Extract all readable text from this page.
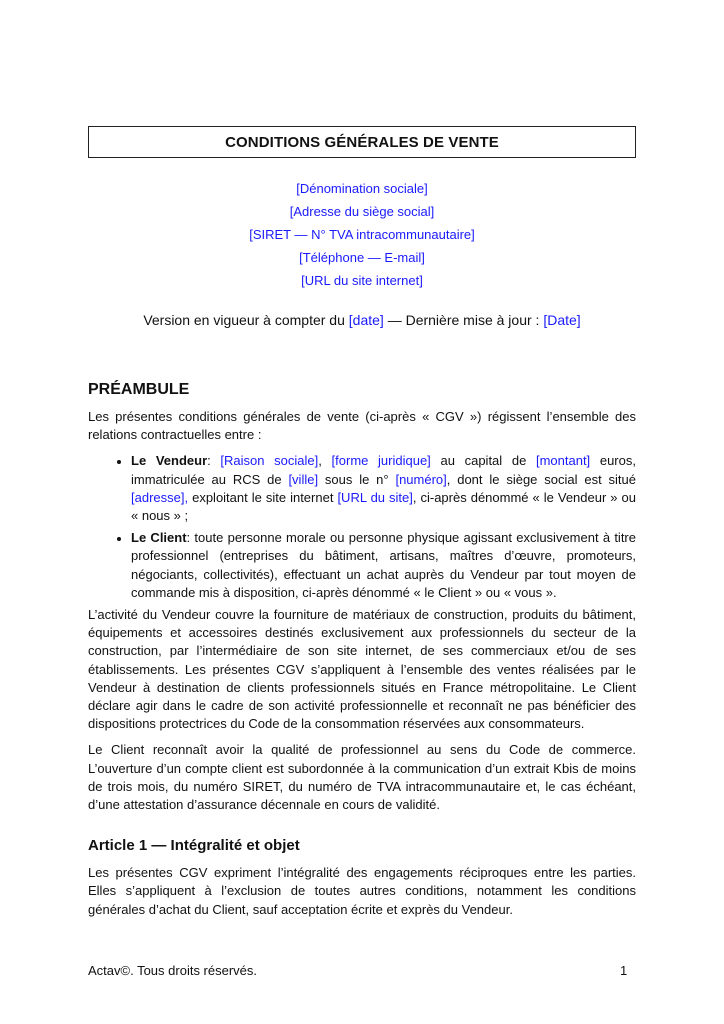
CONDITIONS GÉNÉRALES DE VENTE
[Dénomination sociale]
[Adresse du siège social]
[SIRET — N° TVA intracommunautaire]
[Téléphone — E-mail]
[URL du site internet]
Version en vigueur à compter du [date] — Dernière mise à jour : [Date]
PRÉAMBULE

Les présentes conditions générales de vente (ci-après « CGV ») régissent l’ensemble des relations contractuelles entre :

• Le Vendeur: [Raison sociale], [forme juridique] au capital de [montant] euros, immatriculée au RCS de [ville] sous le n° [numéro], dont le siège social est situé [adresse], exploitant le site internet [URL du site], ci-après dénommé « le Vendeur » ou « nous » ;
• Le Client: toute personne morale ou personne physique agissant exclusivement à titre professionnel (entreprises du bâtiment, artisans, maîtres d’œuvre, promoteurs, négociants, collectivités), effectuant un achat auprès du Vendeur par tout moyen de commande mis à disposition, ci-après dénommé « le Client » ou « vous ».

L’activité du Vendeur couvre la fourniture de matériaux de construction, produits du bâtiment, équipements et accessoires destinés exclusivement aux professionnels du secteur de la construction, par l’intermédiaire de son site internet, de ses commerciaux et/ou de ses établissements. Les présentes CGV s’appliquent à l’ensemble des ventes réalisées par le Vendeur à destination de clients professionnels situés en France métropolitaine. Le Client déclare agir dans le cadre de son activité professionnelle et reconnaît ne pas bénéficier des dispositions protectrices du Code de la consommation réservées aux consommateurs.

Le Client reconnaît avoir la qualité de professionnel au sens du Code de commerce. L’ouverture d’un compte client est subordonnée à la communication d’un extrait Kbis de moins de trois mois, du numéro SIRET, du numéro de TVA intracommunautaire et, le cas échéant, d’une attestation d’assurance décennale en cours de validité.

Article 1 — Intégralité et objet

Les présentes CGV expriment l’intégralité des engagements réciproques entre les parties. Elles s’appliquent à l’exclusion de toutes autres conditions, notamment les conditions générales d’achat du Client, sauf acceptation écrite et exprès du Vendeur.

Actav©. Tous droits réservés.	1
